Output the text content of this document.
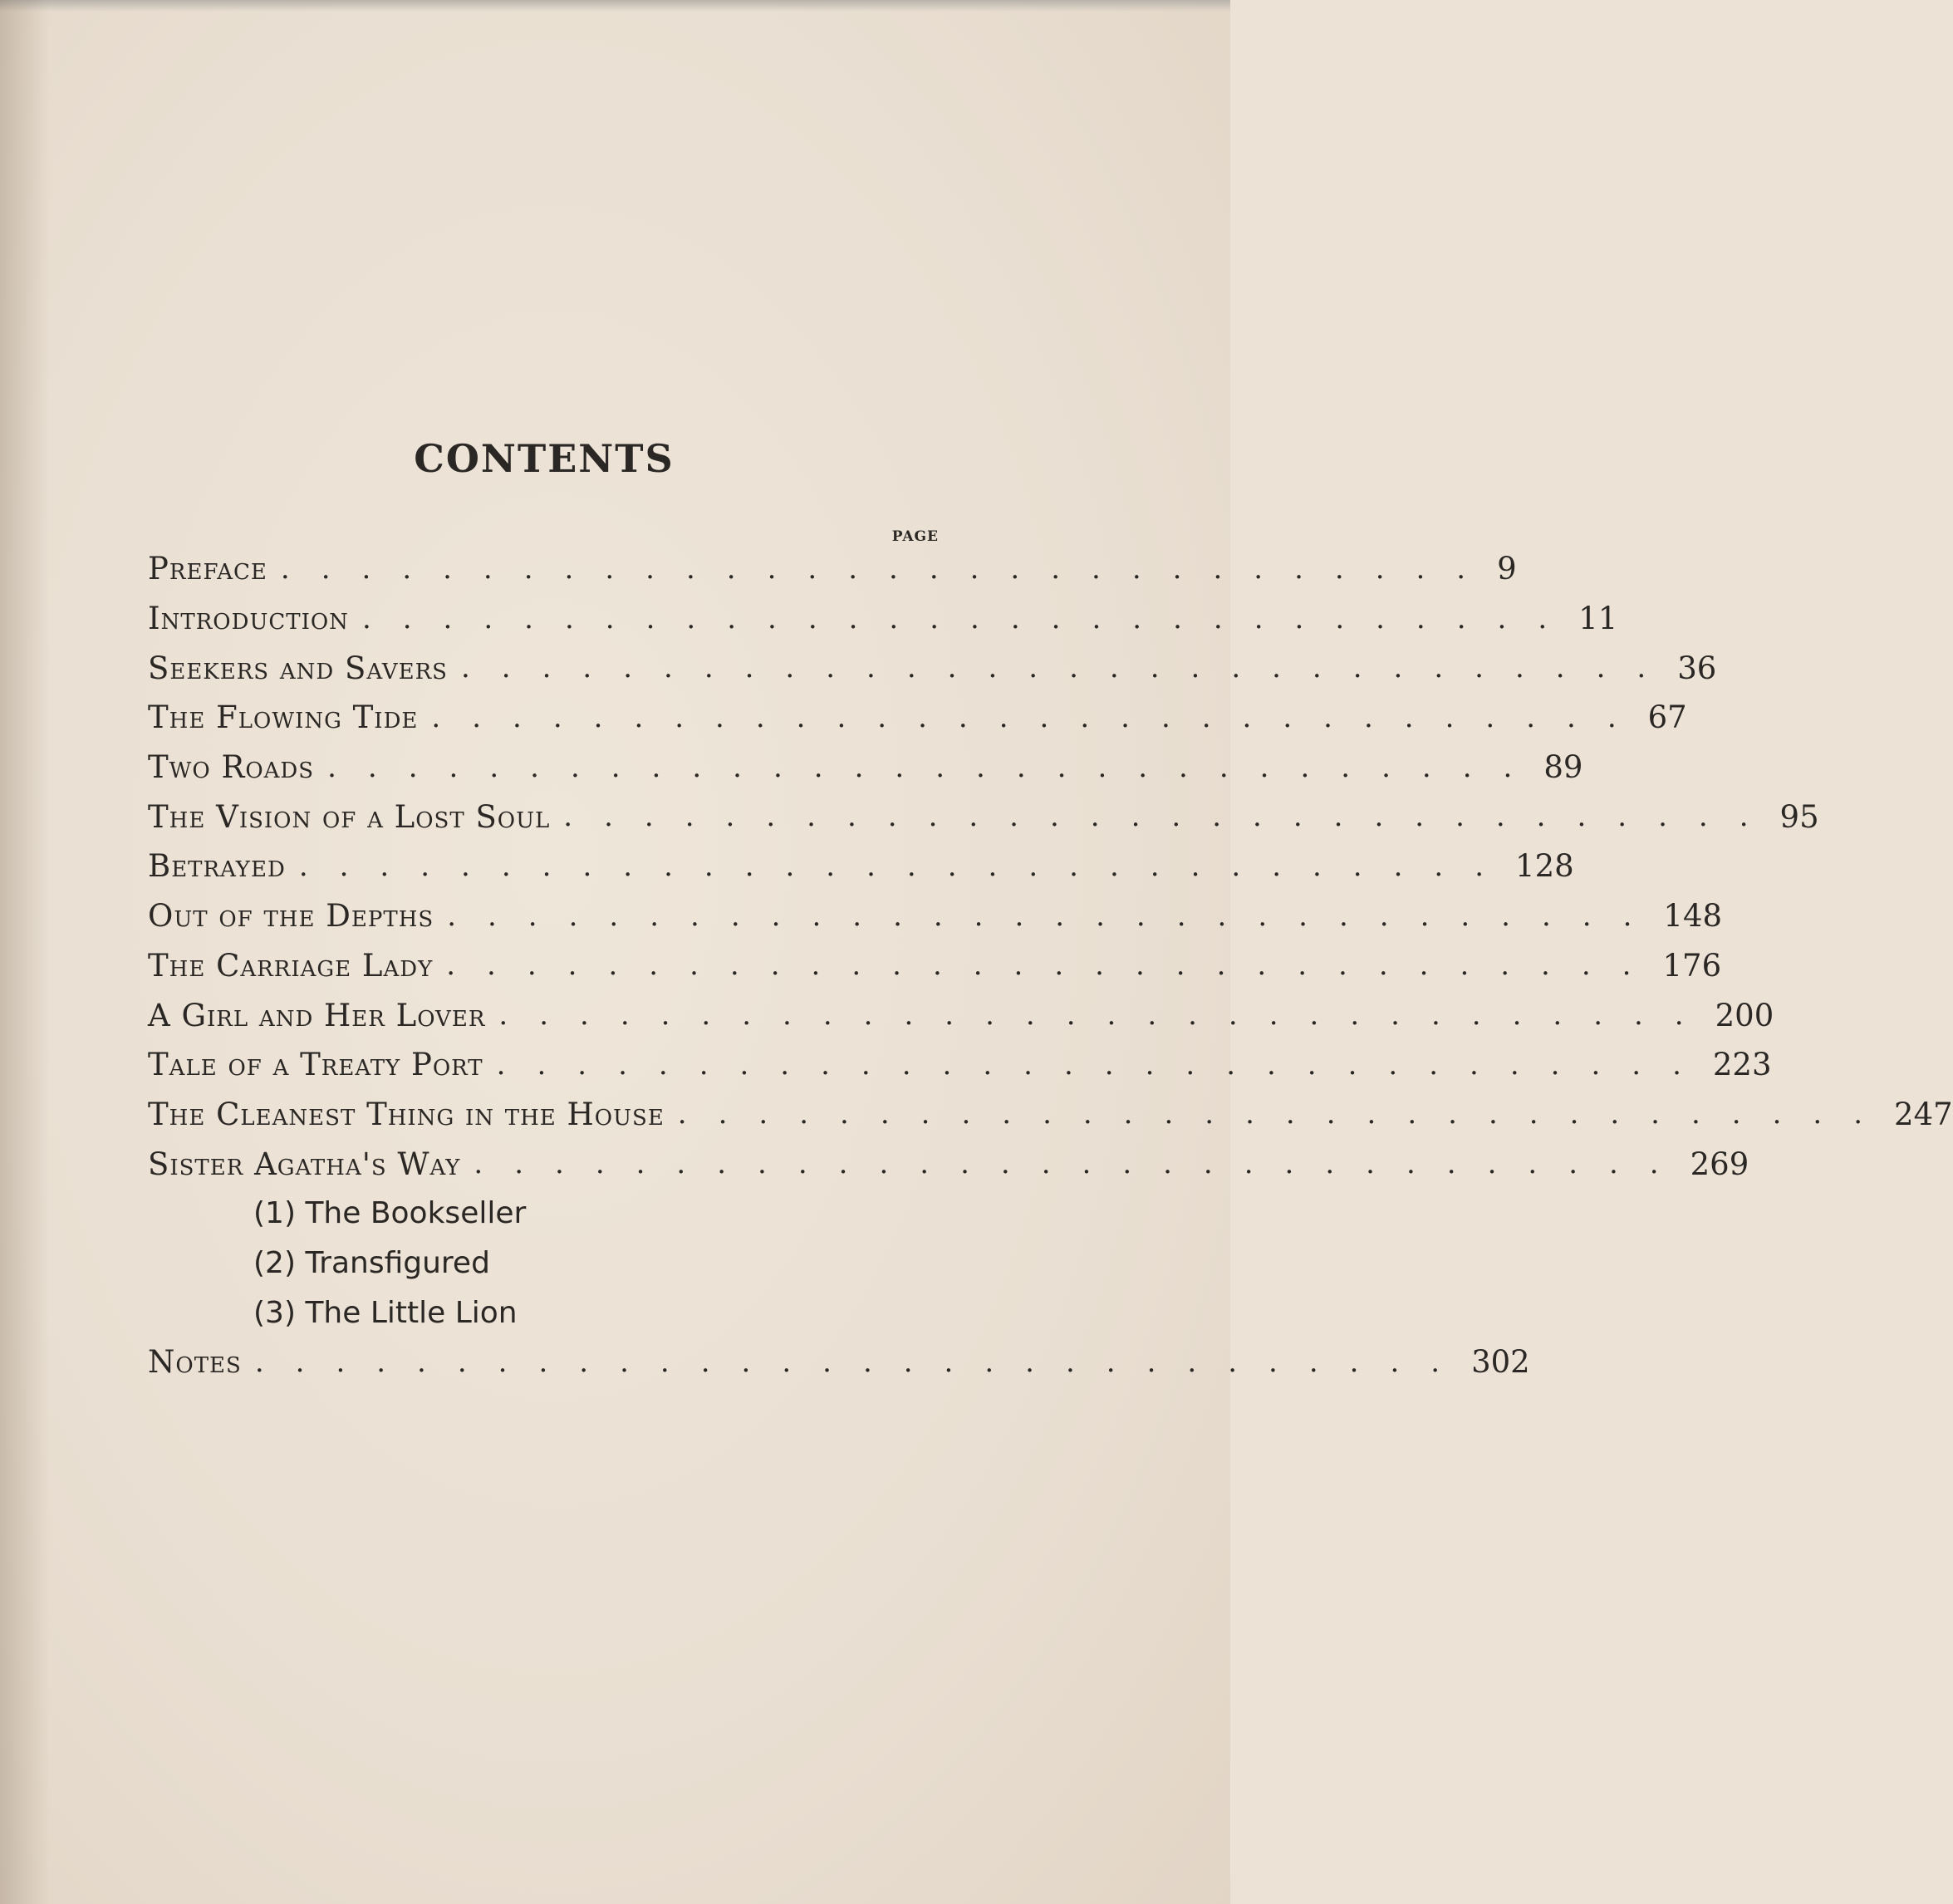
CONTENTS
PAGE
Preface .............................. 9
Introduction .............................. 11
Seekers and Savers .............................. 36
The Flowing Tide .............................. 67
Two Roads .............................. 89
The Vision of a Lost Soul .............................. 95
Betrayed .............................. 128
Out of the Depths .............................. 148
The Carriage Lady .............................. 176
A Girl and Her Lover .............................. 200
Tale of a Treaty Port .............................. 223
The Cleanest Thing in the House .............................. 247
Sister Agatha's Way .............................. 269
(1) The Bookseller
(2) Transfigured
(3) The Little Lion
Notes .............................. 302
